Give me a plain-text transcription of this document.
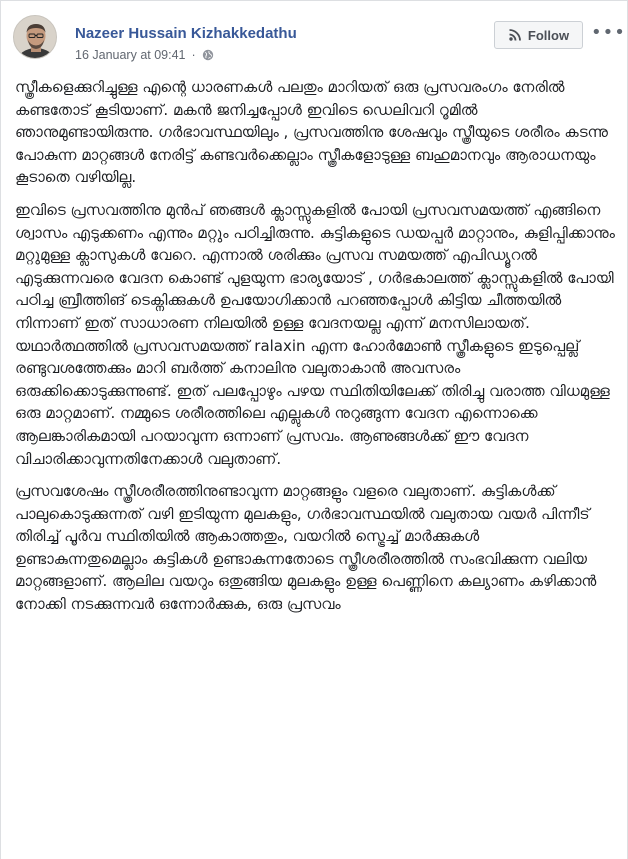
Nazeer Hussain Kizhakkedathu
16 January at 09:41 ·
Follow •••

സ്ത്രീകളെക്കുറിച്ചുള്ള എന്റെ ധാരണകൾ പലതും മാറിയത് ഒരു പ്രസവരംഗം നേരിൽ കണ്ടതോട് കൂടിയാണ്. മകൻ ജനിച്ചപ്പോൾ ഇവിടെ ഡെലിവറി റൂമിൽ ഞാനുമുണ്ടായിരുന്നു. ഗർഭാവസ്ഥയിലും , പ്രസവത്തിനു ശേഷവും സ്ത്രീയുടെ ശരീരം കടന്നു പോകുന്ന മാറ്റങ്ങൾ നേരിട്ട് കണ്ടവർക്കെല്ലാം സ്ത്രീകളോടുള്ള ബഹുമാനവും ആരാധനയും കൂടാതെ വഴിയില്ല.

ഇവിടെ പ്രസവത്തിനു മുൻപ് ഞങ്ങൾ ക്ലാസ്സുകളിൽ പോയി പ്രസവസമയത്ത് എങ്ങിനെ ശ്വാസം എടുക്കണം എന്നും മറ്റും പഠിച്ചിരുന്നു. കുട്ടികളുടെ ഡയപ്പർ മാറ്റാനും, കുളിപ്പിക്കാനും മറ്റുമുള്ള ക്ലാസുകൾ വേറെ. എന്നാൽ ശരിക്കും പ്രസവ സമയത്ത് എപിഡ്യൂറൽ എടുക്കുന്നവരെ വേദന കൊണ്ട് പുളയുന്ന ഭാര്യയോട് , ഗർഭകാലത്ത് ക്ലാസ്സുകളിൽ പോയി പഠിച്ച ബ്രീത്തിങ് ടെക്നിക്കുകൾ ഉപയോഗിക്കാൻ പറഞ്ഞപ്പോൾ കിട്ടിയ ചീത്തയിൽ നിന്നാണ് ഇത് സാധാരണ നിലയിൽ ഉള്ള വേദനയല്ല എന്ന് മനസിലായത്. യഥാർത്ഥത്തിൽ പ്രസവസമയത്ത് ralaxin എന്ന ഹോർമോൺ സ്ത്രീകളുടെ ഇടുപ്പെല്ല് രണ്ടുവശത്തേക്കും മാറി ബർത്ത് കനാലിനു വലുതാകാൻ അവസരം ഒരുക്കിക്കൊടുക്കുന്നുണ്ട്. ഇത് പലപ്പോഴും പഴയ സ്ഥിതിയിലേക്ക് തിരിച്ചു വരാത്ത വിധമുള്ള ഒരു മാറ്റമാണ്. നമ്മുടെ ശരീരത്തിലെ എല്ലുകൾ നുറുങ്ങുന്ന വേദന എന്നൊക്കെ ആലങ്കാരികമായി പറയാവുന്ന ഒന്നാണ് പ്രസവം. ആണുങ്ങൾക്ക് ഈ വേദന വിചാരിക്കാവുന്നതിനേക്കാൾ വലുതാണ്.

പ്രസവശേഷം സ്ത്രീശരീരത്തിനുണ്ടാവുന്ന മാറ്റങ്ങളും വളരെ വലുതാണ്. കുട്ടികൾക്ക് പാലുകൊടുക്കുന്നത് വഴി ഇടിയുന്ന മുലകളും, ഗർഭാവസ്ഥയിൽ വലുതായ വയർ പിന്നീട് തിരിച്ച് പൂർവ സ്ഥിതിയിൽ ആകാത്തതും, വയറിൽ സ്ട്രെച്ച് മാർക്കുകൾ ഉണ്ടാകുന്നതുമെല്ലാം കുട്ടികൾ ഉണ്ടാകുന്നതോടെ സ്ത്രീശരീരത്തിൽ സംഭവിക്കുന്ന വലിയ മാറ്റങ്ങളാണ്. ആലില വയറും ഒതുങ്ങിയ മുലകളും ഉള്ള പെണ്ണിനെ കല്യാണം കഴിക്കാൻ നോക്കി നടക്കുന്നവർ ഒന്നോർക്കുക, ഒരു പ്രസവം
